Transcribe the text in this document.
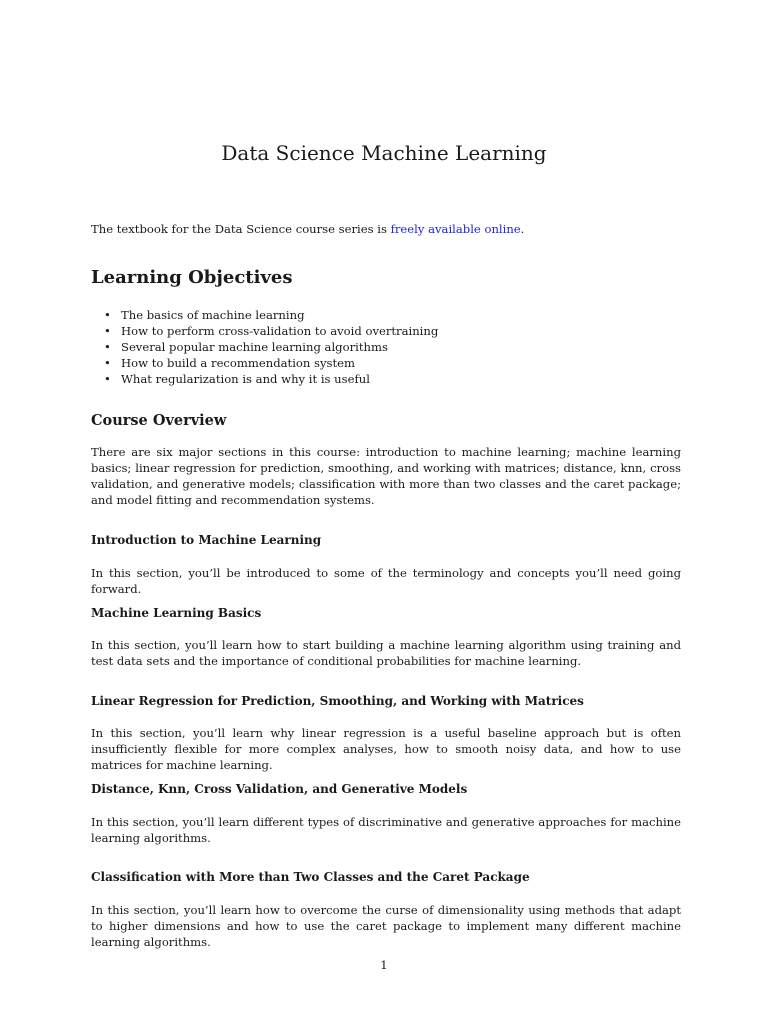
Data Science Machine Learning

The textbook for the Data Science course series is freely available online.

Learning Objectives
• The basics of machine learning
• How to perform cross-validation to avoid overtraining
• Several popular machine learning algorithms
• How to build a recommendation system
• What regularization is and why it is useful
Course Overview

There are six major sections in this course: introduction to machine learning; machine learning basics; linear regression for prediction, smoothing, and working with matrices; distance, knn, cross validation, and generative models; classification with more than two classes and the caret package; and model fitting and recommendation systems.

Introduction to Machine Learning

In this section, you’ll be introduced to some of the terminology and concepts you’ll need going forward.

Machine Learning Basics

In this section, you’ll learn how to start building a machine learning algorithm using training and test data sets and the importance of conditional probabilities for machine learning.

Linear Regression for Prediction, Smoothing, and Working with Matrices

In this section, you’ll learn why linear regression is a useful baseline approach but is often insufficiently flexible for more complex analyses, how to smooth noisy data, and how to use matrices for machine learning.

Distance, Knn, Cross Validation, and Generative Models

In this section, you’ll learn different types of discriminative and generative approaches for machine learning algorithms.

Classification with More than Two Classes and the Caret Package

In this section, you’ll learn how to overcome the curse of dimensionality using methods that adapt to higher dimensions and how to use the caret package to implement many different machine learning algorithms.

1
